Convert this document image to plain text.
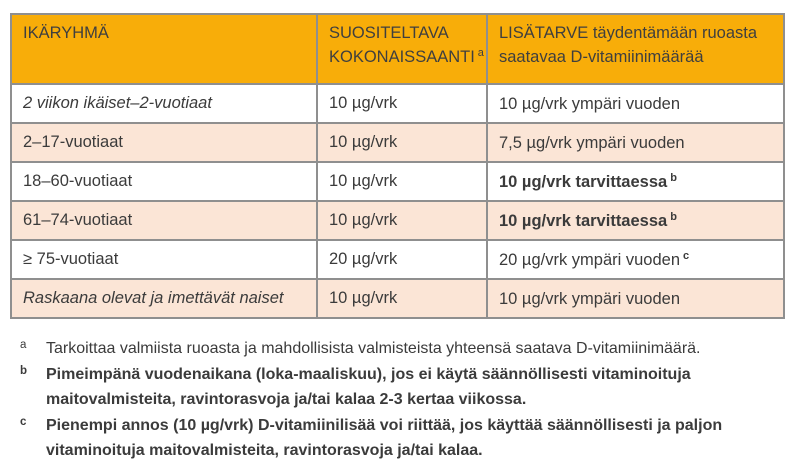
IKÄRYHMÄ	SUOSITELTAVA KOKONAISSAANTI $^a$	LISÄTARVE täydentämään ruoasta saatavaa D-vitamiinimäärää
2 viikon ikäiset–2-vuotiaat	10 µg/vrk	10 µg/vrk ympäri vuoden
2–17-vuotiaat	10 µg/vrk	7,5 µg/vrk ympäri vuoden
18–60-vuotiaat	10 µg/vrk	10 µg/vrk tarvittaessa $^b$
61–74-vuotiaat	10 µg/vrk	10 µg/vrk tarvittaessa $^b$
≥ 75-vuotiaat	20 µg/vrk	20 µg/vrk ympäri vuoden $^c$
Raskaana olevat ja imettävät naiset	10 µg/vrk	10 µg/vrk ympäri vuoden
a Tarkoittaa valmiista ruoasta ja mahdollisista valmisteista yhteensä saatava D-vitamiinimäärä.
b Pimeimpänä vuodenaikana (loka-maaliskuu), jos ei käytä säännöllisesti vitaminoituja maitovalmisteita, ravintorasvoja ja/tai kalaa 2-3 kertaa viikossa.
c Pienempi annos (10 µg/vrk) D-vitamiinilisää voi riittää, jos käyttää säännöllisesti ja paljon vitaminoituja maitovalmisteita, ravintorasvoja ja/tai kalaa.
